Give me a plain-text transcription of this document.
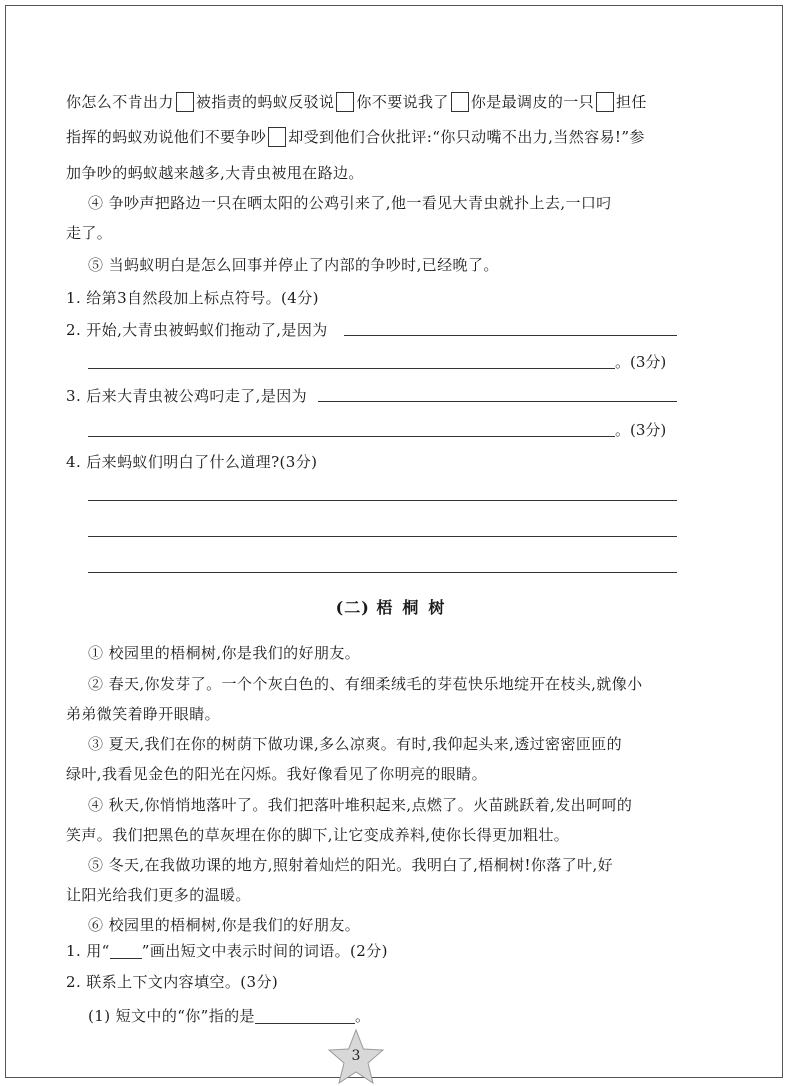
你怎么不肯出力 被指责的蚂蚁反驳说 你不要说我了 你是最调皮的一只 担任
指挥的蚂蚁劝说他们不要争吵 却受到他们合伙批评:“你只动嘴不出力,当然容易!”参
加争吵的蚂蚁越来越多,大青虫被甩在路边。
④ 争吵声把路边一只在晒太阳的公鸡引来了,他一看见大青虫就扑上去,一口叼
走了。
⑤ 当蚂蚁明白是怎么回事并停止了内部的争吵时,已经晚了。
1. 给第3自然段加上标点符号。(4分)
2. 开始,大青虫被蚂蚁们拖动了,是因为
。(3分)
3. 后来大青虫被公鸡叼走了,是因为
。(3分)
4. 后来蚂蚁们明白了什么道理?(3分)
(二) 梧桐树
① 校园里的梧桐树,你是我们的好朋友。
② 春天,你发芽了。一个个灰白色的、有细柔绒毛的芽苞快乐地绽开在枝头,就像小
弟弟微笑着睁开眼睛。
③ 夏天,我们在你的树荫下做功课,多么凉爽。有时,我仰起头来,透过密密匝匝的
绿叶,我看见金色的阳光在闪烁。我好像看见了你明亮的眼睛。
④ 秋天,你悄悄地落叶了。我们把落叶堆积起来,点燃了。火苗跳跃着,发出呵呵的
笑声。我们把黑色的草灰埋在你的脚下,让它变成养料,使你长得更加粗壮。
⑤ 冬天,在我做功课的地方,照射着灿烂的阳光。我明白了,梧桐树!你落了叶,好
让阳光给我们更多的温暖。
⑥ 校园里的梧桐树,你是我们的好朋友。
1. 用“ ”画出短文中表示时间的词语。(2分)
2. 联系上下文内容填空。(3分)
(1) 短文中的“你”指的是	。
3
